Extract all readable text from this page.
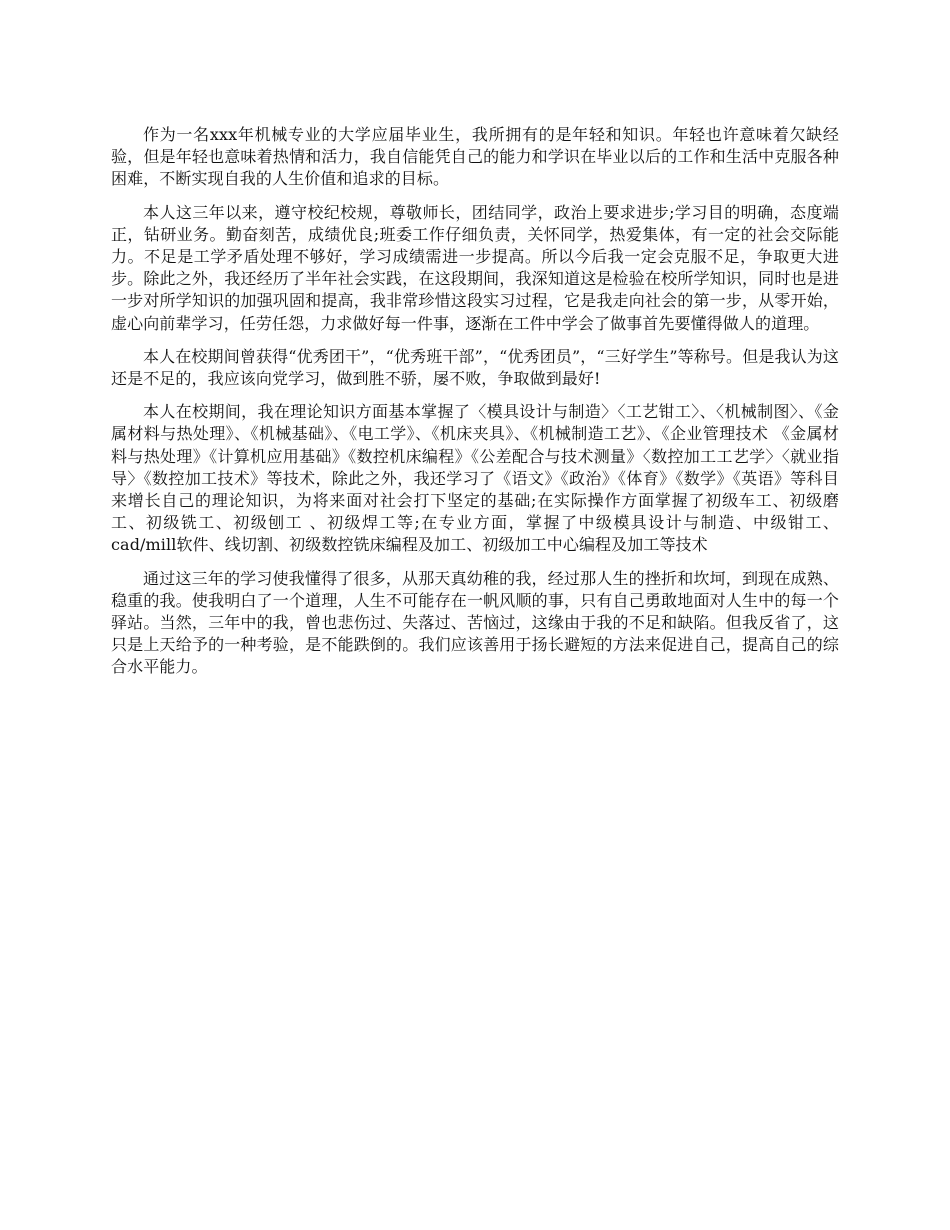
作为一名xxx年机械专业的大学应届毕业生，我所拥有的是年轻和知识。年轻也许意味着欠缺经验，但是年轻也意味着热情和活力，我自信能凭自己的能力和学识在毕业以后的工作和生活中克服各种困难，不断实现自我的人生价值和追求的目标。

本人这三年以来，遵守校纪校规，尊敬师长，团结同学，政治上要求进步;学习目的明确，态度端正，钻研业务。勤奋刻苦，成绩优良;班委工作仔细负责，关怀同学，热爱集体，有一定的社会交际能力。不足是工学矛盾处理不够好，学习成绩需进一步提高。所以今后我一定会克服不足，争取更大进步。除此之外，我还经历了半年社会实践，在这段期间，我深知道这是检验在校所学知识，同时也是进一步对所学知识的加强巩固和提高，我非常珍惜这段实习过程，它是我走向社会的第一步，从零开始，虚心向前辈学习，任劳任怨，力求做好每一件事，逐渐在工件中学会了做事首先要懂得做人的道理。

本人在校期间曾获得“优秀团干”，“优秀班干部”，“优秀团员”，“三好学生”等称号。但是我认为这还是不足的，我应该向党学习，做到胜不骄，屡不败，争取做到最好!

本人在校期间，我在理论知识方面基本掌握了〈模具设计与制造〉〈工艺钳工〉、〈机械制图〉、《金属材料与热处理》、《机械基础》、《电工学》、《机床夹具》、《机械制造工艺》、《企业管理技术 《金属材料与热处理》《计算机应用基础》《数控机床编程》《公差配合与技术测量》〈数控加工工艺学〉〈就业指导〉《数控加工技术》等技术，除此之外，我还学习了《语文》《政治》《体育》《数学》《英语》等科目来增长自己的理论知识，为将来面对社会打下坚定的基础;在实际操作方面掌握了初级车工、初级磨工、初级铣工、初级刨工 、初级焊工等;在专业方面，掌握了中级模具设计与制造、中级钳工、cad/mill软件、线切割、初级数控铣床编程及加工、初级加工中心编程及加工等技术

通过这三年的学习使我懂得了很多，从那天真幼稚的我，经过那人生的挫折和坎坷，到现在成熟、稳重的我。使我明白了一个道理，人生不可能存在一帆风顺的事，只有自己勇敢地面对人生中的每一个驿站。当然，三年中的我，曾也悲伤过、失落过、苦恼过，这缘由于我的不足和缺陷。但我反省了，这只是上天给予的一种考验，是不能跌倒的。我们应该善用于扬长避短的方法来促进自己，提高自己的综合水平能力。
